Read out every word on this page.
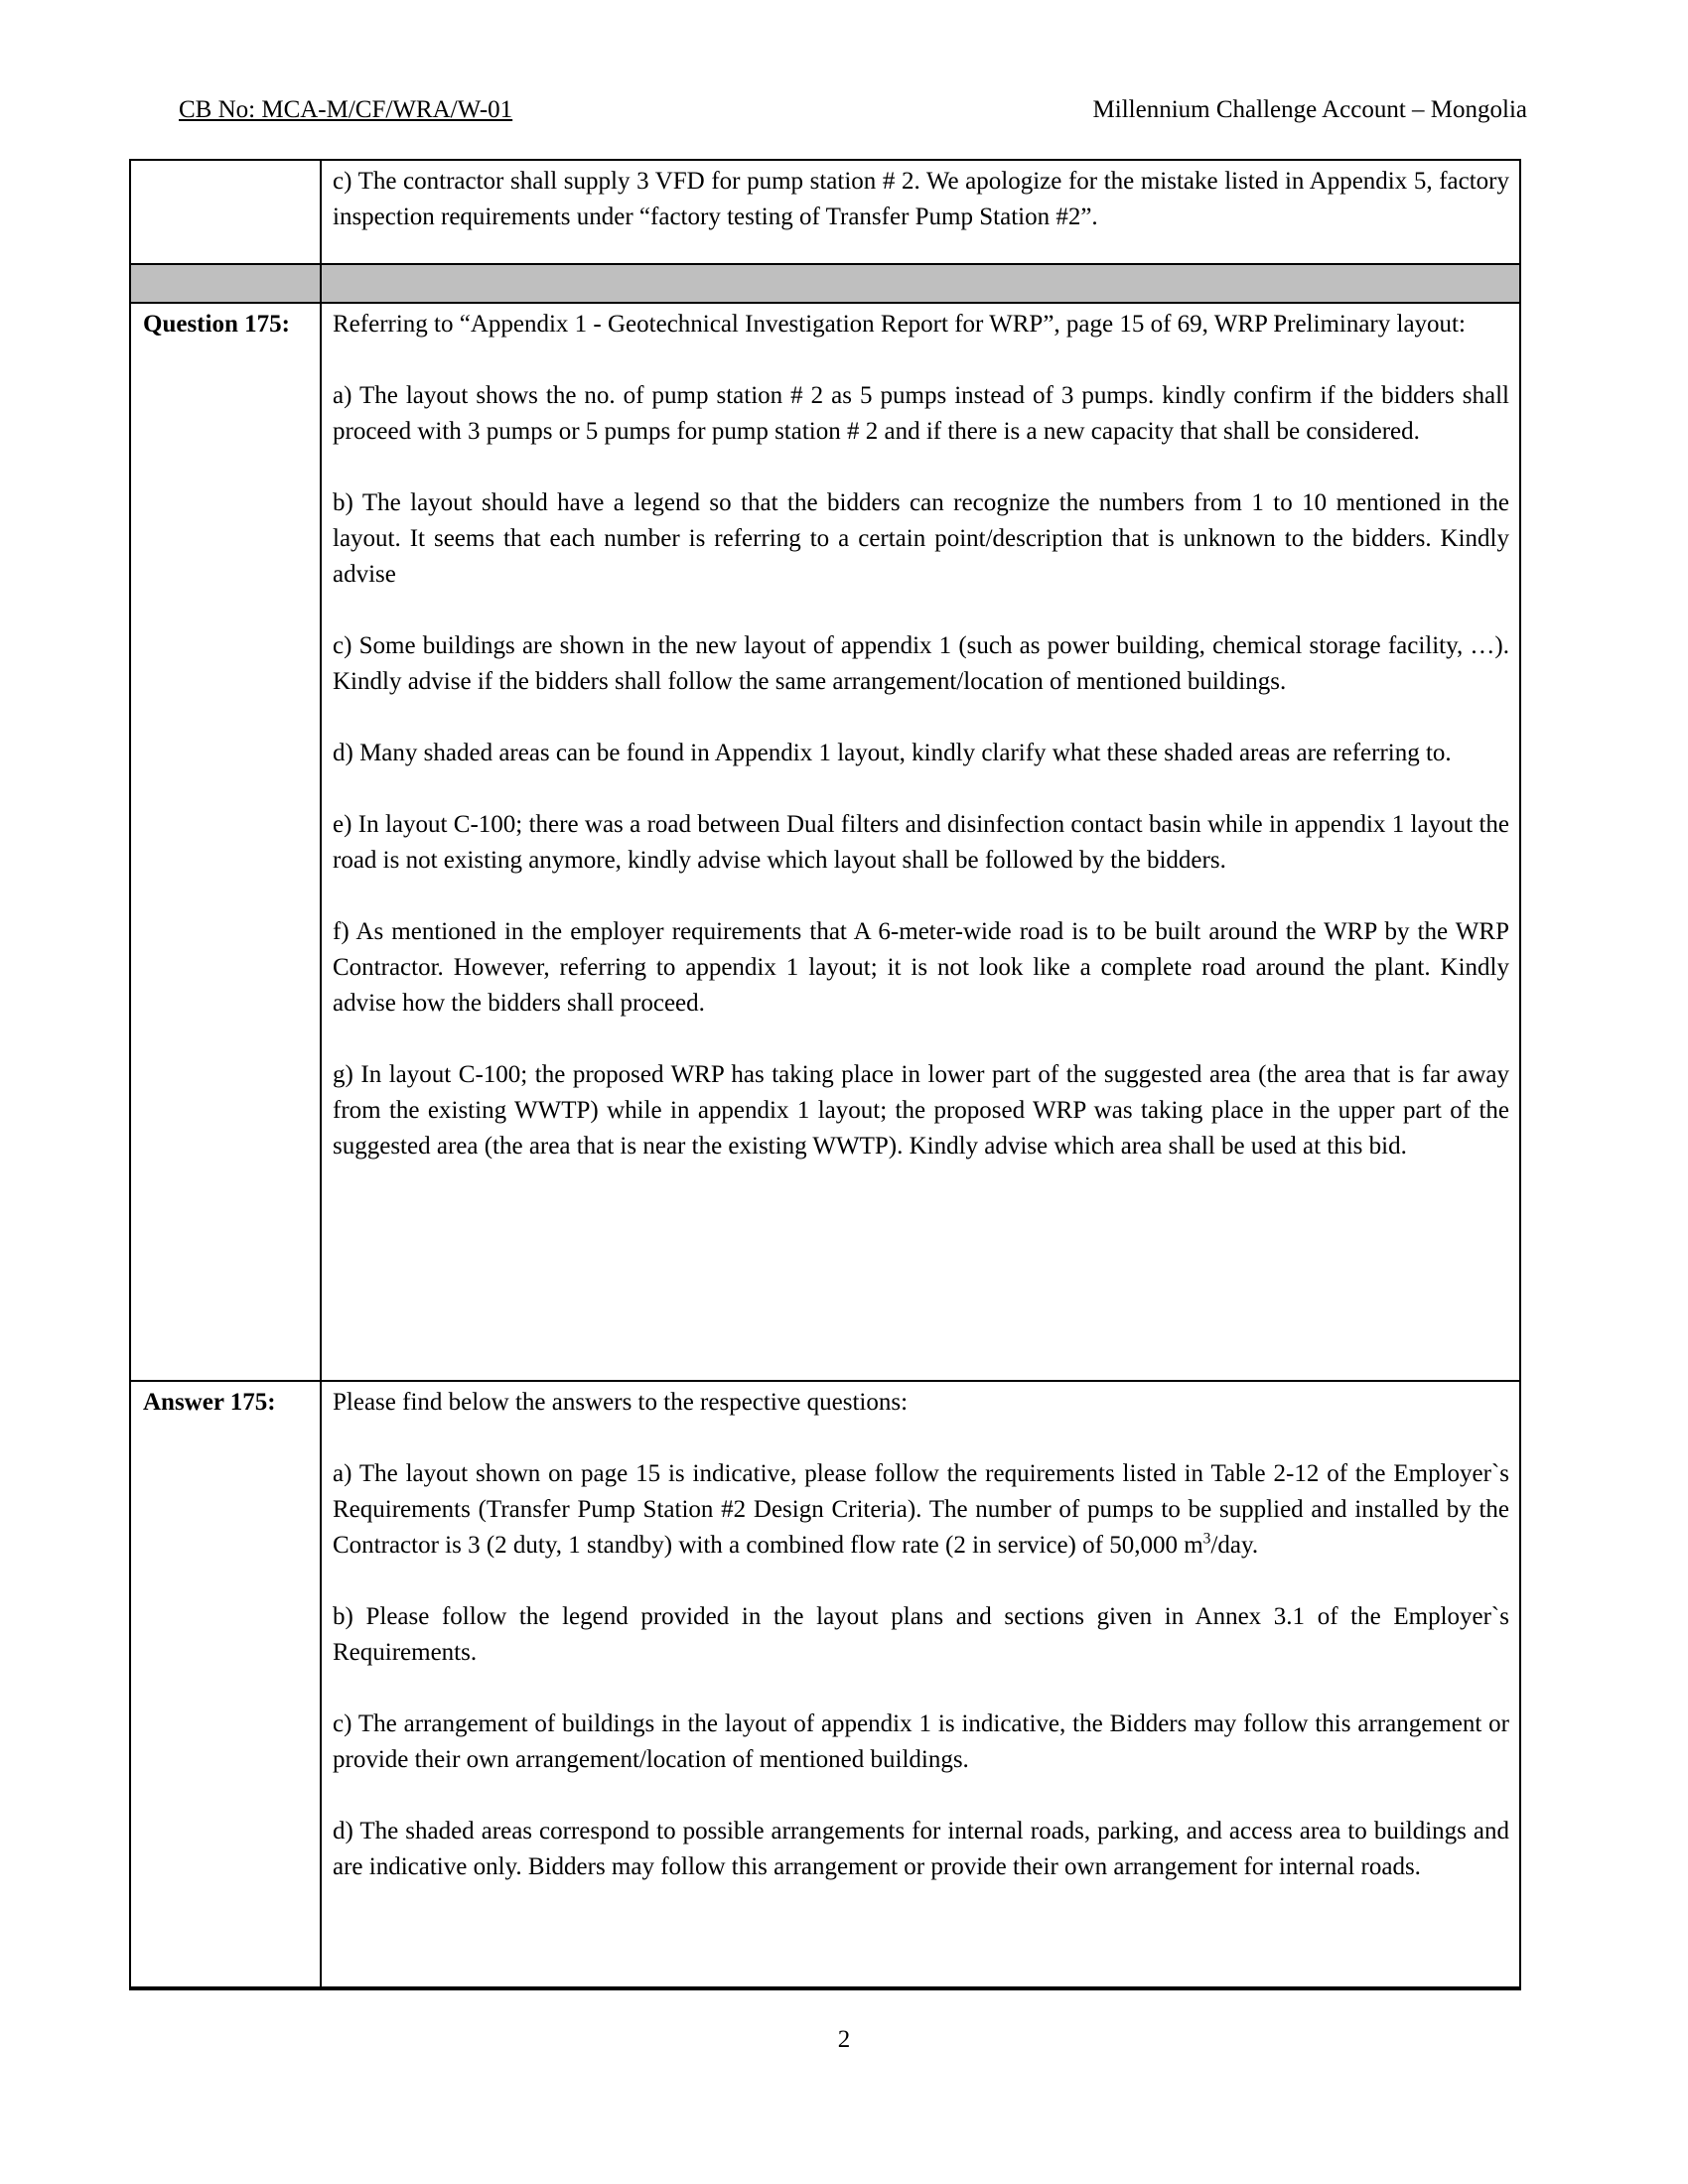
CB No: MCA-M/CF/WRA/W-01	Millennium Challenge Account – Mongolia

	c) The contractor shall supply 3 VFD for pump station # 2. We apologize for the mistake listed in Appendix 5, factory inspection requirements under “factory testing of Transfer Pump Station #2”.

Question 175:	Referring to “Appendix 1 - Geotechnical Investigation Report for WRP”, page 15 of 69, WRP Preliminary layout:

a) The layout shows the no. of pump station # 2 as 5 pumps instead of 3 pumps. kindly confirm if the bidders shall proceed with 3 pumps or 5 pumps for pump station # 2 and if there is a new capacity that shall be considered.

b) The layout should have a legend so that the bidders can recognize the numbers from 1 to 10 mentioned in the layout. It seems that each number is referring to a certain point/description that is unknown to the bidders. Kindly advise

c) Some buildings are shown in the new layout of appendix 1 (such as power building, chemical storage facility, …). Kindly advise if the bidders shall follow the same arrangement/location of mentioned buildings.

d) Many shaded areas can be found in Appendix 1 layout, kindly clarify what these shaded areas are referring to.

e) In layout C-100; there was a road between Dual filters and disinfection contact basin while in appendix 1 layout the road is not existing anymore, kindly advise which layout shall be followed by the bidders.

f) As mentioned in the employer requirements that A 6-meter-wide road is to be built around the WRP by the WRP Contractor. However, referring to appendix 1 layout; it is not look like a complete road around the plant. Kindly advise how the bidders shall proceed.

g) In layout C-100; the proposed WRP has taking place in lower part of the suggested area (the area that is far away from the existing WWTP) while in appendix 1 layout; the proposed WRP was taking place in the upper part of the suggested area (the area that is near the existing WWTP). Kindly advise which area shall be used at this bid.

Answer 175:	Please find below the answers to the respective questions:

a) The layout shown on page 15 is indicative, please follow the requirements listed in Table 2-12 of the Employer`s Requirements (Transfer Pump Station #2 Design Criteria). The number of pumps to be supplied and installed by the Contractor is 3 (2 duty, 1 standby) with a combined flow rate (2 in service) of 50,000 $m^3$/day.

b) Please follow the legend provided in the layout plans and sections given in Annex 3.1 of the Employer`s Requirements.

c) The arrangement of buildings in the layout of appendix 1 is indicative, the Bidders may follow this arrangement or provide their own arrangement/location of mentioned buildings.

d) The shaded areas correspond to possible arrangements for internal roads, parking, and access area to buildings and are indicative only. Bidders may follow this arrangement or provide their own arrangement for internal roads.

2
